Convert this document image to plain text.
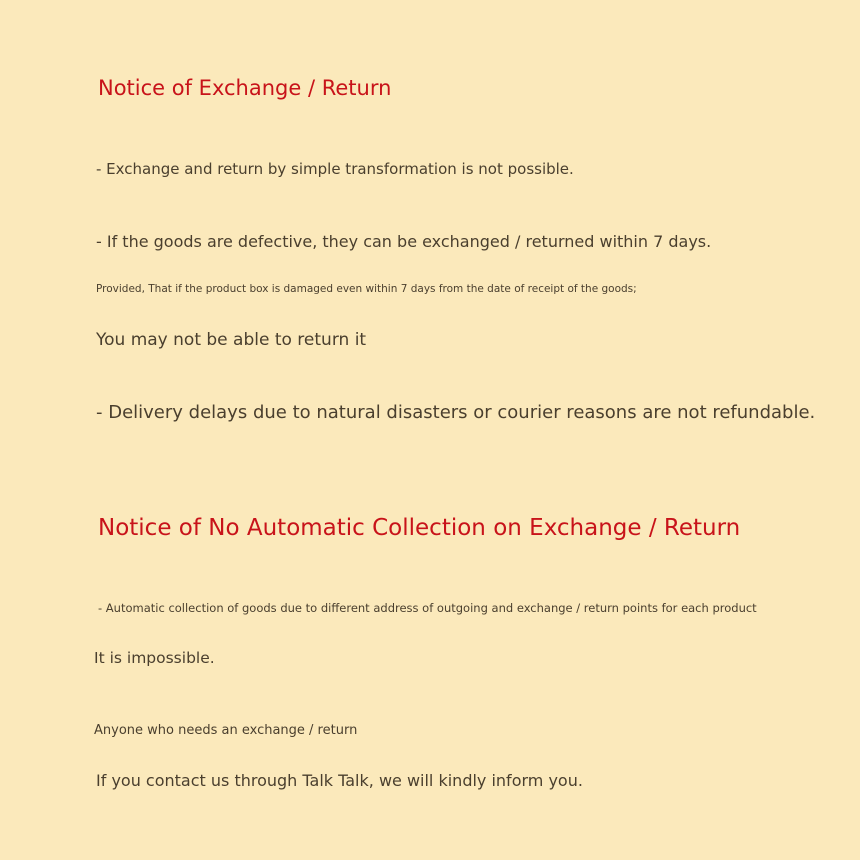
Notice of Exchange / Return

- Exchange and return by simple transformation is not possible.

- If the goods are defective, they can be exchanged / returned within 7 days.

Provided, That if the product box is damaged even within 7 days from the date of receipt of the goods;

You may not be able to return it

- Delivery delays due to natural disasters or courier reasons are not refundable.

Notice of No Automatic Collection on Exchange / Return

- Automatic collection of goods due to different address of outgoing and exchange / return points for each product

It is impossible.

Anyone who needs an exchange / return

If you contact us through Talk Talk, we will kindly inform you.
